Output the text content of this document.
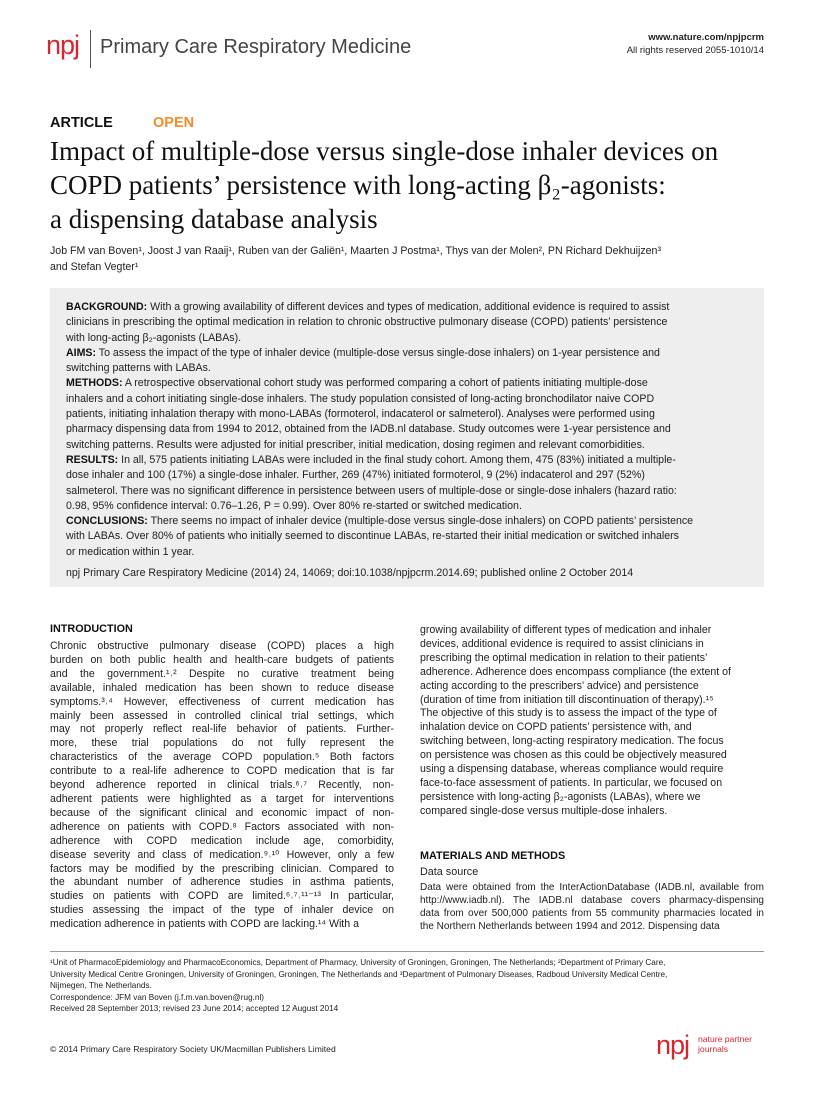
npj Primary Care Respiratory Medicine	www.nature.com/npjpcrm
All rights reserved 2055-1010/14
ARTICLE	OPEN
Impact of multiple-dose versus single-dose inhaler devices on
COPD patients’ persistence with long-acting β₂-agonists:
a dispensing database analysis
Job FM van Boven¹, Joost J van Raaij¹, Ruben van der Galiën¹, Maarten J Postma¹, Thys van der Molen², PN Richard Dekhuijzen³
and Stefan Vegter¹
BACKGROUND: With a growing availability of different devices and types of medication, additional evidence is required to assist
clinicians in prescribing the optimal medication in relation to chronic obstructive pulmonary disease (COPD) patients’ persistence
with long-acting β₂-agonists (LABAs).
AIMS: To assess the impact of the type of inhaler device (multiple-dose versus single-dose inhalers) on 1-year persistence and
switching patterns with LABAs.
METHODS: A retrospective observational cohort study was performed comparing a cohort of patients initiating multiple-dose
inhalers and a cohort initiating single-dose inhalers. The study population consisted of long-acting bronchodilator naive COPD
patients, initiating inhalation therapy with mono-LABAs (formoterol, indacaterol or salmeterol). Analyses were performed using
pharmacy dispensing data from 1994 to 2012, obtained from the IADB.nl database. Study outcomes were 1-year persistence and
switching patterns. Results were adjusted for initial prescriber, initial medication, dosing regimen and relevant comorbidities.
RESULTS: In all, 575 patients initiating LABAs were included in the final study cohort. Among them, 475 (83%) initiated a multiple-
dose inhaler and 100 (17%) a single-dose inhaler. Further, 269 (47%) initiated formoterol, 9 (2%) indacaterol and 297 (52%)
salmeterol. There was no significant difference in persistence between users of multiple-dose or single-dose inhalers (hazard ratio:
0.98, 95% confidence interval: 0.76–1.26, P = 0.99). Over 80% re-started or switched medication.
CONCLUSIONS: There seems no impact of inhaler device (multiple-dose versus single-dose inhalers) on COPD patients’ persistence
with LABAs. Over 80% of patients who initially seemed to discontinue LABAs, re-started their initial medication or switched inhalers
or medication within 1 year.
npj Primary Care Respiratory Medicine (2014) 24, 14069; doi:10.1038/npjpcrm.2014.69; published online 2 October 2014
INTRODUCTION
Chronic obstructive pulmonary disease (COPD) places a high
burden on both public health and health-care budgets of patients
and the government.¹˒² Despite no curative treatment being
available, inhaled medication has been shown to reduce disease
symptoms.³˒⁴ However, effectiveness of current medication has
mainly been assessed in controlled clinical trial settings, which
may not properly reflect real-life behavior of patients. Further-
more, these trial populations do not fully represent the
characteristics of the average COPD population.⁵ Both factors
contribute to a real-life adherence to COPD medication that is far
beyond adherence reported in clinical trials.⁶˒⁷ Recently, non-
adherent patients were highlighted as a target for interventions
because of the significant clinical and economic impact of non-
adherence on patients with COPD.⁸ Factors associated with non-
adherence with COPD medication include age, comorbidity,
disease severity and class of medication.⁹˒¹⁰ However, only a few
factors may be modified by the prescribing clinician. Compared to
the abundant number of adherence studies in asthma patients,
studies on patients with COPD are limited.⁶˒⁷˒¹¹⁻¹³ In particular,
studies assessing the impact of the type of inhaler device on
medication adherence in patients with COPD are lacking.¹⁴ With a
growing availability of different types of medication and inhaler
devices, additional evidence is required to assist clinicians in
prescribing the optimal medication in relation to their patients’
adherence. Adherence does encompass compliance (the extent of
acting according to the prescribers’ advice) and persistence
(duration of time from initiation till discontinuation of therapy).¹⁵
The objective of this study is to assess the impact of the type of
inhalation device on COPD patients’ persistence with, and
switching between, long-acting respiratory medication. The focus
on persistence was chosen as this could be objectively measured
using a dispensing database, whereas compliance would require
face-to-face assessment of patients. In particular, we focused on
persistence with long-acting β₂-agonists (LABAs), where we
compared single-dose versus multiple-dose inhalers.
MATERIALS AND METHODS
Data source
Data were obtained from the InterActionDatabase (IADB.nl, available from
http://www.iadb.nl). The IADB.nl database covers pharmacy-dispensing
data from over 500,000 patients from 55 community pharmacies located in
the Northern Netherlands between 1994 and 2012. Dispensing data
¹Unit of PharmacoEpidemiology and PharmacoEconomics, Department of Pharmacy, University of Groningen, Groningen, The Netherlands; ²Department of Primary Care,
University Medical Centre Groningen, University of Groningen, Groningen, The Netherlands and ³Department of Pulmonary Diseases, Radboud University Medical Centre,
Nijmegen, The Netherlands.
Correspondence: JFM van Boven (j.f.m.van.boven@rug.nl)
Received 28 September 2013; revised 23 June 2014; accepted 12 August 2014
© 2014 Primary Care Respiratory Society UK/Macmillan Publishers Limited	npj nature partner
journals
